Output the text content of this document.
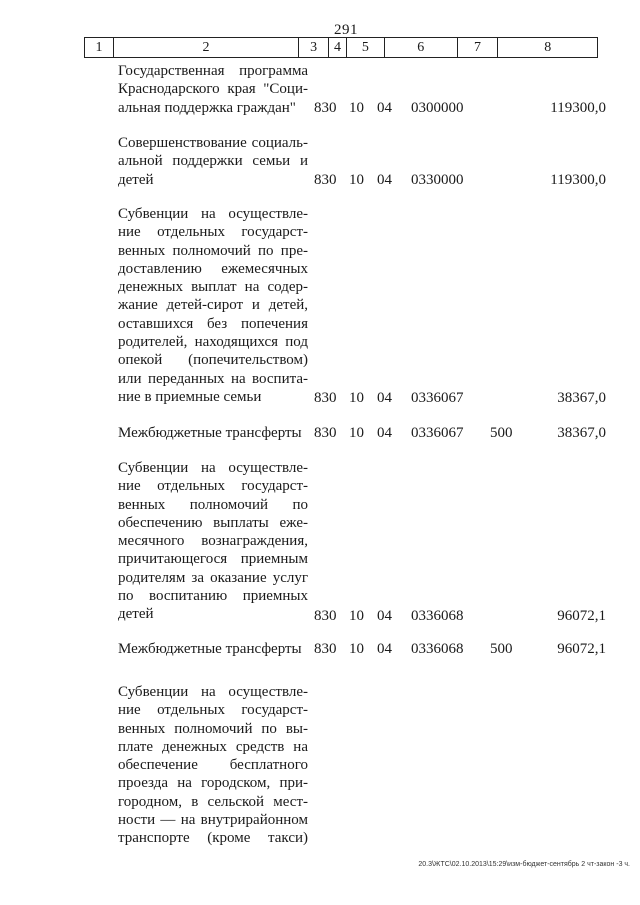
291
1	2	3	4	5	6	7	8
Государственная программа
Краснодарского края "Соци-
альная поддержка граждан"	830 10 04 0300000	119300,0
Совершенствование социаль-
альной поддержки семьи и
детей	830 10 04 0330000	119300,0
Субвенции на осуществле-
ние отдельных государст-
венных полномочий по пре-
доставлению ежемесячных
денежных выплат на содер-
жание детей-сирот и детей,
оставшихся без попечения
родителей, находящихся под
опекой (попечительством)
или переданных на воспита-
ние в приемные семьи	830 10 04 0336067	38367,0
Межбюджетные трансферты 830 10 04 0336067 500	38367,0
Субвенции на осуществле-
ние отдельных государст-
венных полномочий по
обеспечению выплаты еже-
месячного вознаграждения,
причитающегося приемным
родителям за оказание услуг
по воспитанию приемных
детей	830 10 04 0336068	96072,1
Межбюджетные трансферты 830 10 04 0336068 500	96072,1
Субвенции на осуществле-
ние отдельных государст-
венных полномочий по вы-
плате денежных средств на
обеспечение бесплатного
проезда на городском, при-
городном, в сельской мест-
ности — на внутрирайонном
транспорте (кроме такси)
20.3\ЖТС\02.10.2013\15:29\изм-бюджет-сентябрь 2 чт-закон -3 ч.
